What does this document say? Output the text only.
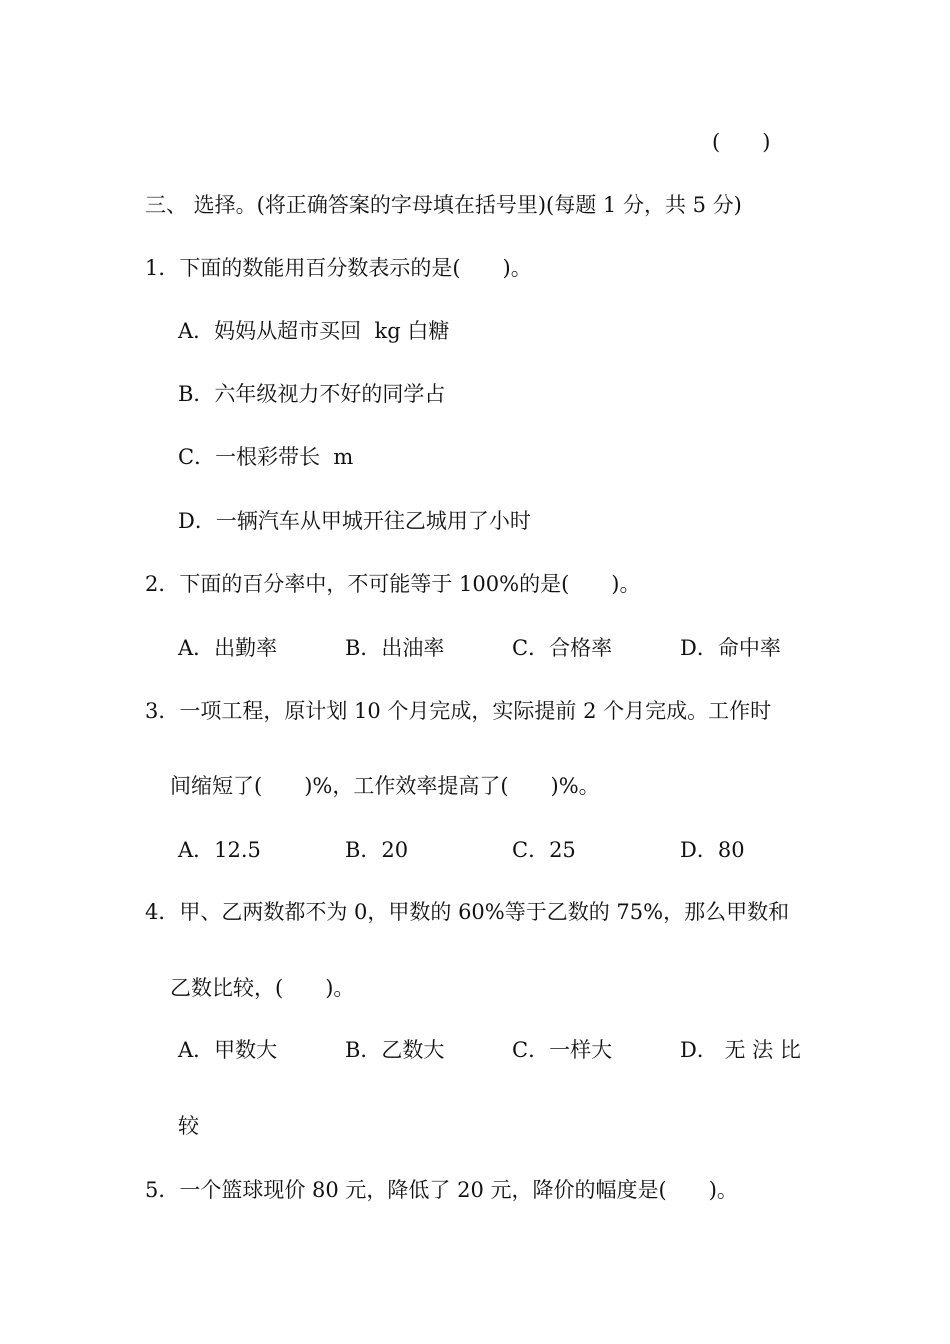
(　　)
三、 选择。(将正确答案的字母填在括号里)(每题 1 分，共 5 分)
1．下面的数能用百分数表示的是(　　)。
A．妈妈从超市买回  kg 白糖
B．六年级视力不好的同学占
C．一根彩带长  m
D．一辆汽车从甲城开往乙城用了小时
2．下面的百分率中，不可能等于 100%的是(　　)。
A．出勤率	B．出油率	C．合格率	D．命中率
3．一项工程，原计划 10 个月完成，实际提前 2 个月完成。工作时
间缩短了(　　)%，工作效率提高了(　　)%。
A．12.5	B．20	C．25	D．80
4．甲、乙两数都不为 0，甲数的 60%等于乙数的 75%，那么甲数和
乙数比较，(　　)。
A．甲数大	B．乙数大	C．一样大	D． 无 法 比
较
5．一个篮球现价 80 元，降低了 20 元，降价的幅度是(　　)。
